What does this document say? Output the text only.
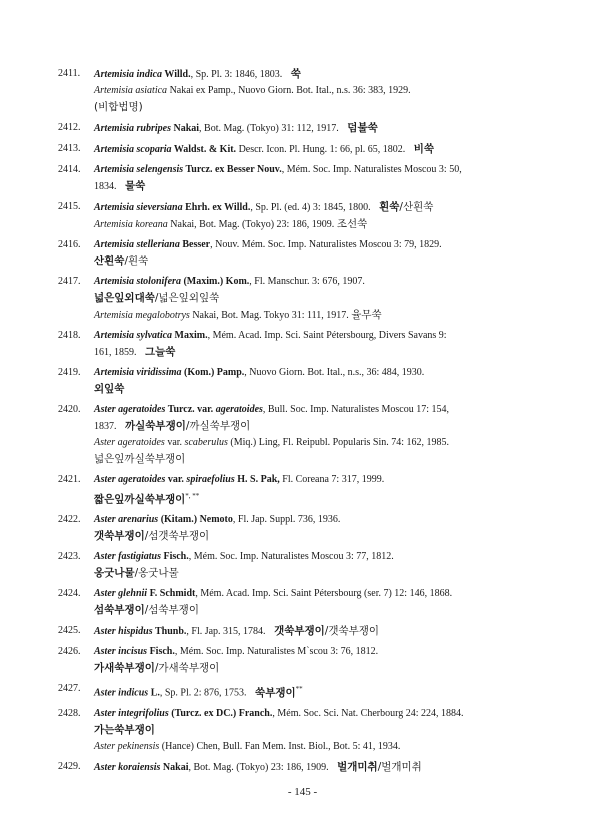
2411. Artemisia indica Willd., Sp. Pl. 3: 1846, 1803. 쑥
Artemisia asiatica Nakai ex Pamp., Nuovo Giorn. Bot. Ital., n.s. 36: 383, 1929.
(비합법명)
2412. Artemisia rubripes Nakai, Bot. Mag. (Tokyo) 31: 112, 1917. 덤불쑥
2413. Artemisia scoparia Waldst. & Kit. Descr. Icon. Pl. Hung. 1: 66, pl. 65, 1802. 비쑥
2414. Artemisia selengensis Turcz. ex Besser Nouv., Mém. Soc. Imp. Naturalistes Moscou 3: 50,
1834. 물쑥
2415. Artemisia sieversiana Ehrh. ex Willd., Sp. Pl. (ed. 4) 3: 1845, 1800. 흰쑥/산흰쑥
Artemisia koreana Nakai, Bot. Mag. (Tokyo) 23: 186, 1909. 조선쑥
2416. Artemisia stelleriana Besser, Nouv. Mém. Soc. Imp. Naturalistes Moscou 3: 79, 1829.
산흰쑥/흰쑥
2417. Artemisia stolonifera (Maxim.) Kom., Fl. Manschur. 3: 676, 1907.
넓은잎외대쑥/넓은잎외잎쑥
Artemisia megalobotrys Nakai, Bot. Mag. Tokyo 31: 111, 1917. 율무쑥
2418. Artemisia sylvatica Maxim., Mém. Acad. Imp. Sci. Saint Pétersbourg, Divers Savans 9:
161, 1859. 그늘쑥
2419. Artemisia viridissima (Kom.) Pamp., Nuovo Giorn. Bot. Ital., n.s., 36: 484, 1930.
외잎쑥
2420. Aster ageratoides Turcz. var. ageratoides, Bull. Soc. Imp. Naturalistes Moscou 17: 154,
1837. 까실쑥부쟁이/까실쑥부쟁이
Aster ageratoides var. scaberulus (Miq.) Ling, Fl. Reipubl. Popularis Sin. 74: 162, 1985.
넓은잎까실쑥부쟁이
2421. Aster ageratoides var. spiraefolius H. S. Pak, Fl. Coreana 7: 317, 1999.
짧은잎까실쑥부쟁이*, **
2422. Aster arenarius (Kitam.) Nemoto, Fl. Jap. Suppl. 736, 1936.
갯쑥부쟁이/섬갯쑥부쟁이
2423. Aster fastigiatus Fisch., Mém. Soc. Imp. Naturalistes Moscou 3: 77, 1812.
옹굿나물/옹굿나물
2424. Aster glehnii F. Schmidt, Mém. Acad. Imp. Sci. Saint Pétersbourg (ser. 7) 12: 146, 1868.
섬쑥부쟁이/섬쑥부쟁이
2425. Aster hispidus Thunb., Fl. Jap. 315, 1784. 갯쑥부쟁이/갯쑥부쟁이
2426. Aster incisus Fisch., Mém. Soc. Imp. Naturalistes M`scou 3: 76, 1812.
가새쑥부쟁이/가새쑥부쟁이
2427. Aster indicus L., Sp. Pl. 2: 876, 1753. 쑥부쟁이**
2428. Aster integrifolius (Turcz. ex DC.) Franch., Mém. Soc. Sci. Nat. Cherbourg 24: 224, 1884.
가는쑥부쟁이
Aster pekinensis (Hance) Chen, Bull. Fan Mem. Inst. Biol., Bot. 5: 41, 1934.
2429. Aster koraiensis Nakai, Bot. Mag. (Tokyo) 23: 186, 1909. 벌개미취/벌개미취
- 145 -
